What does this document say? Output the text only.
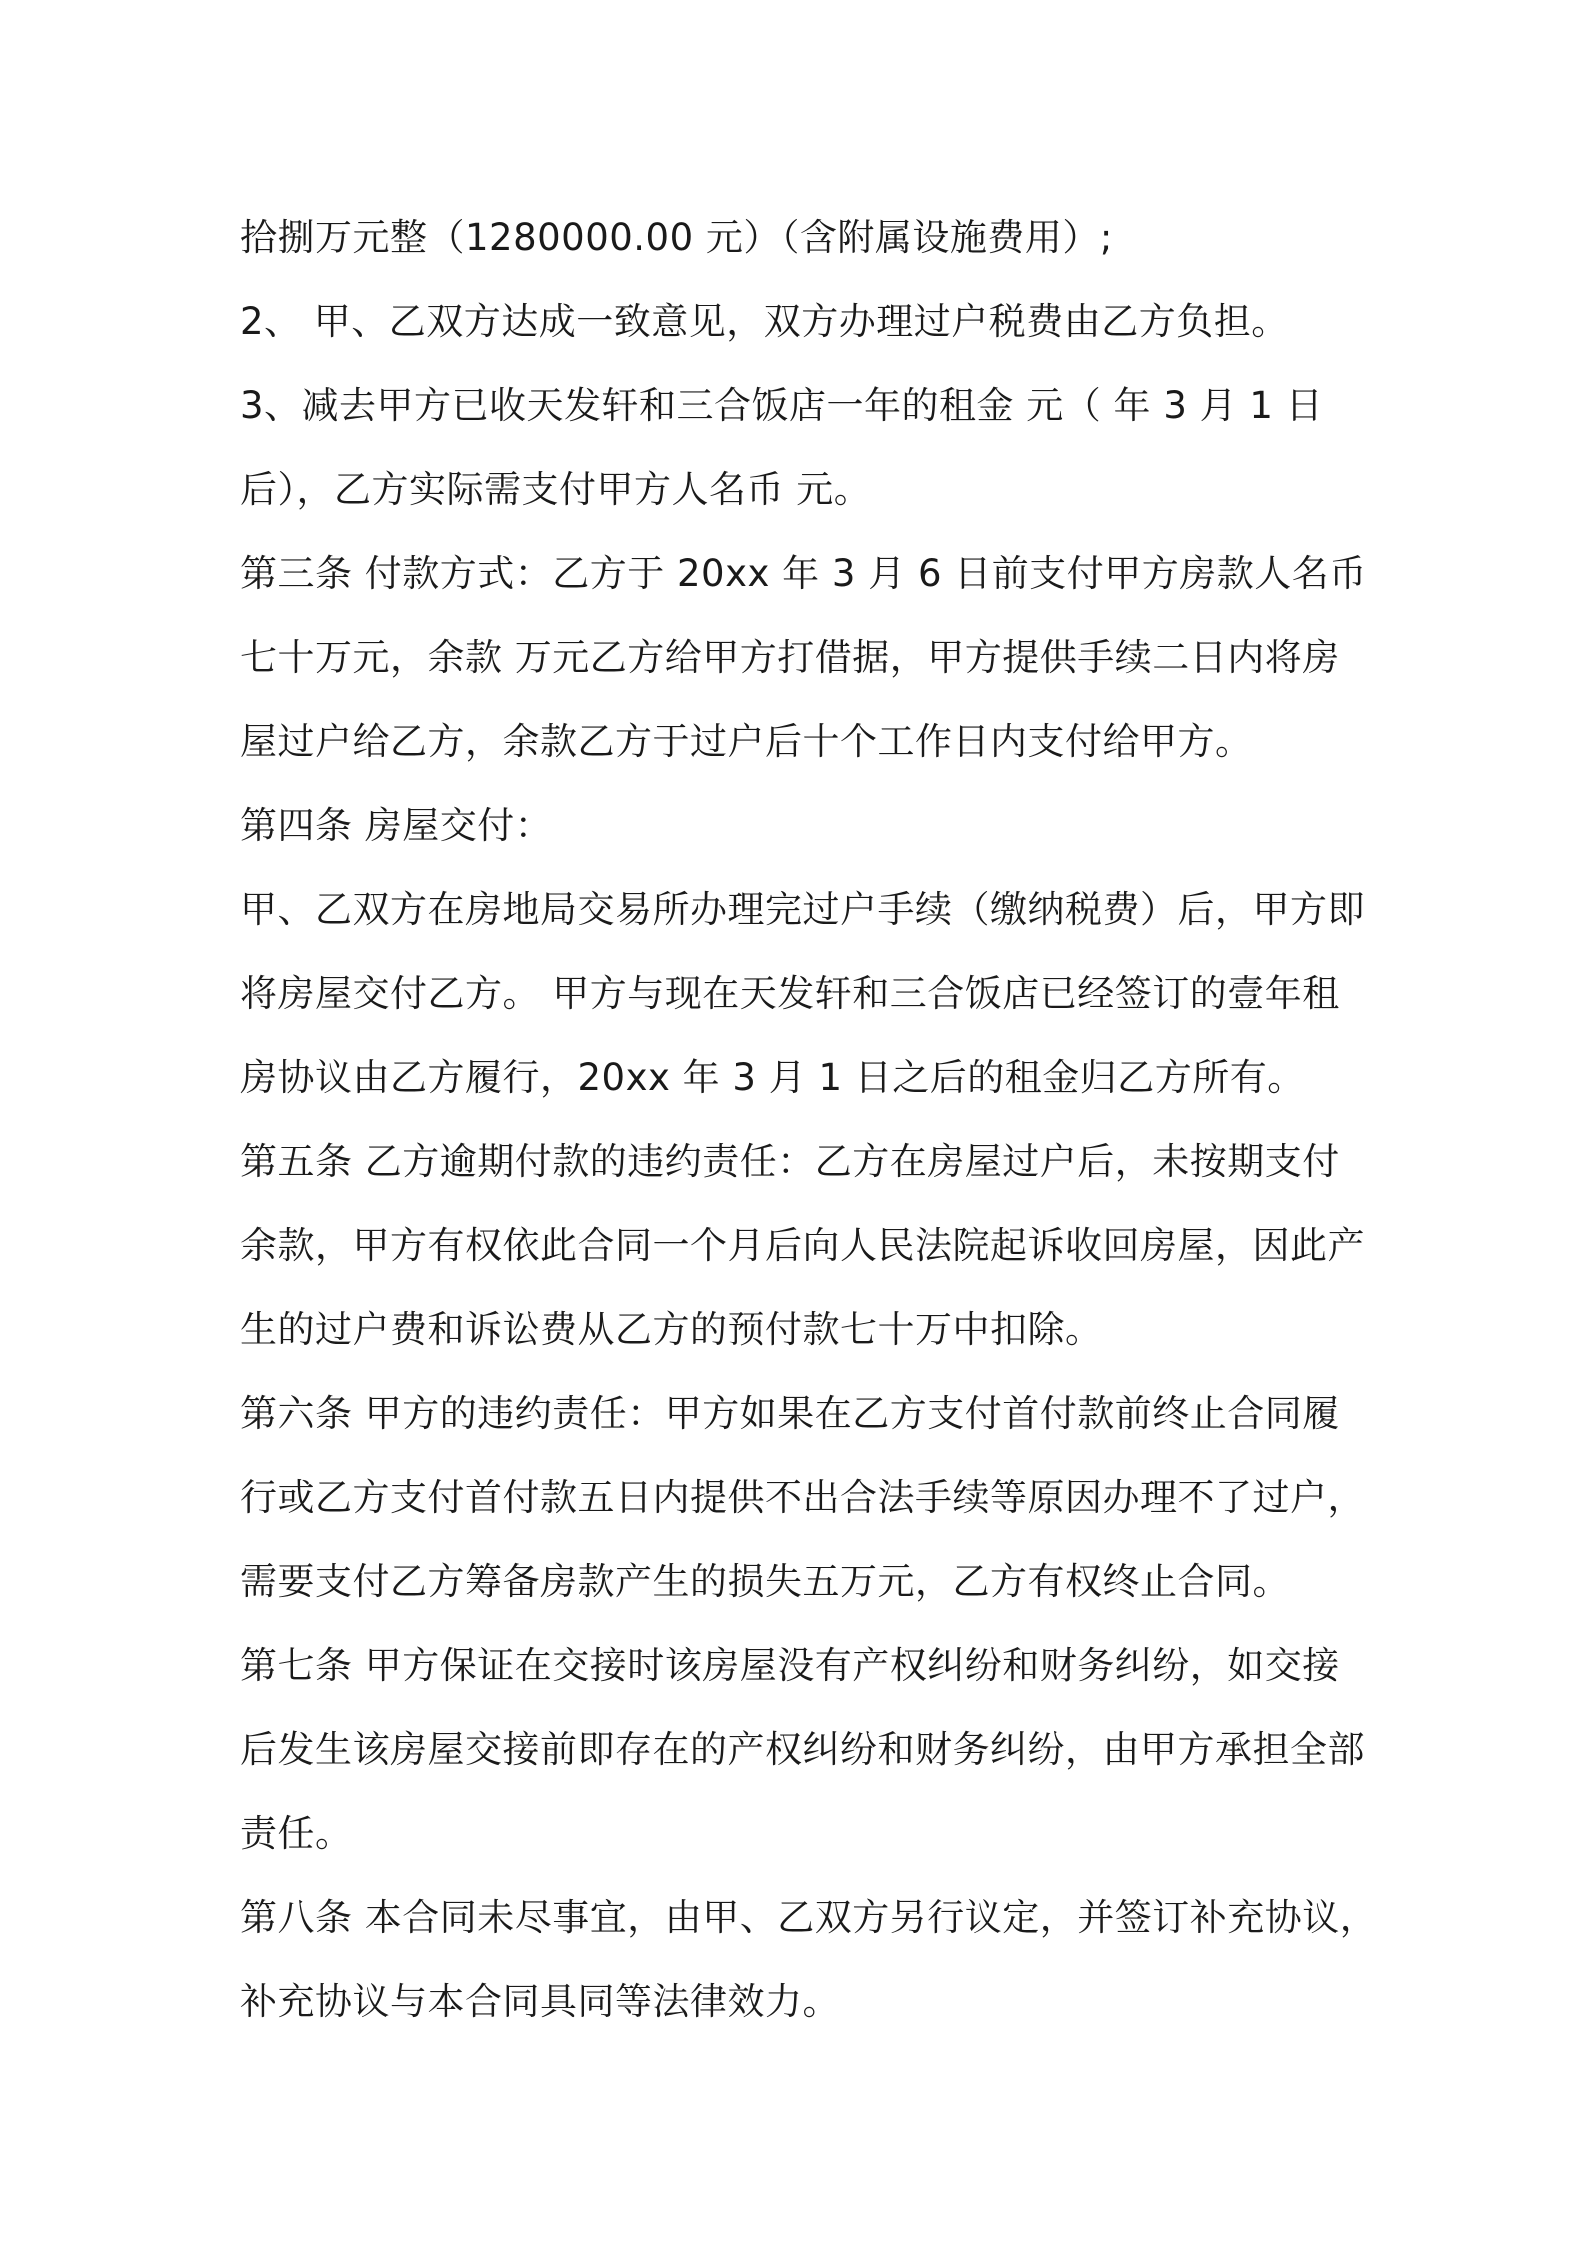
拾捌万元整（1280000.00 元）（含附属设施费用）;
2、 甲、乙双方达成一致意见，双方办理过户税费由乙方负担。
3、减去甲方已收天发轩和三合饭店一年的租金 元（ 年 3 月 1 日
后），乙方实际需支付甲方人名币 元。
第三条 付款方式：乙方于 20xx 年 3 月 6 日前支付甲方房款人名币
七十万元，余款 万元乙方给甲方打借据，甲方提供手续二日内将房
屋过户给乙方，余款乙方于过户后十个工作日内支付给甲方。
第四条 房屋交付：
甲、乙双方在房地局交易所办理完过户手续（缴纳税费）后，甲方即
将房屋交付乙方。 甲方与现在天发轩和三合饭店已经签订的壹年租
房协议由乙方履行，20xx 年 3 月 1 日之后的租金归乙方所有。
第五条 乙方逾期付款的违约责任：乙方在房屋过户后，未按期支付
余款，甲方有权依此合同一个月后向人民法院起诉收回房屋，因此产
生的过户费和诉讼费从乙方的预付款七十万中扣除。
第六条 甲方的违约责任：甲方如果在乙方支付首付款前终止合同履
行或乙方支付首付款五日内提供不出合法手续等原因办理不了过户，
需要支付乙方筹备房款产生的损失五万元，乙方有权终止合同。
第七条 甲方保证在交接时该房屋没有产权纠纷和财务纠纷，如交接
后发生该房屋交接前即存在的产权纠纷和财务纠纷，由甲方承担全部
责任。
第八条 本合同未尽事宜，由甲、乙双方另行议定，并签订补充协议，
补充协议与本合同具同等法律效力。
